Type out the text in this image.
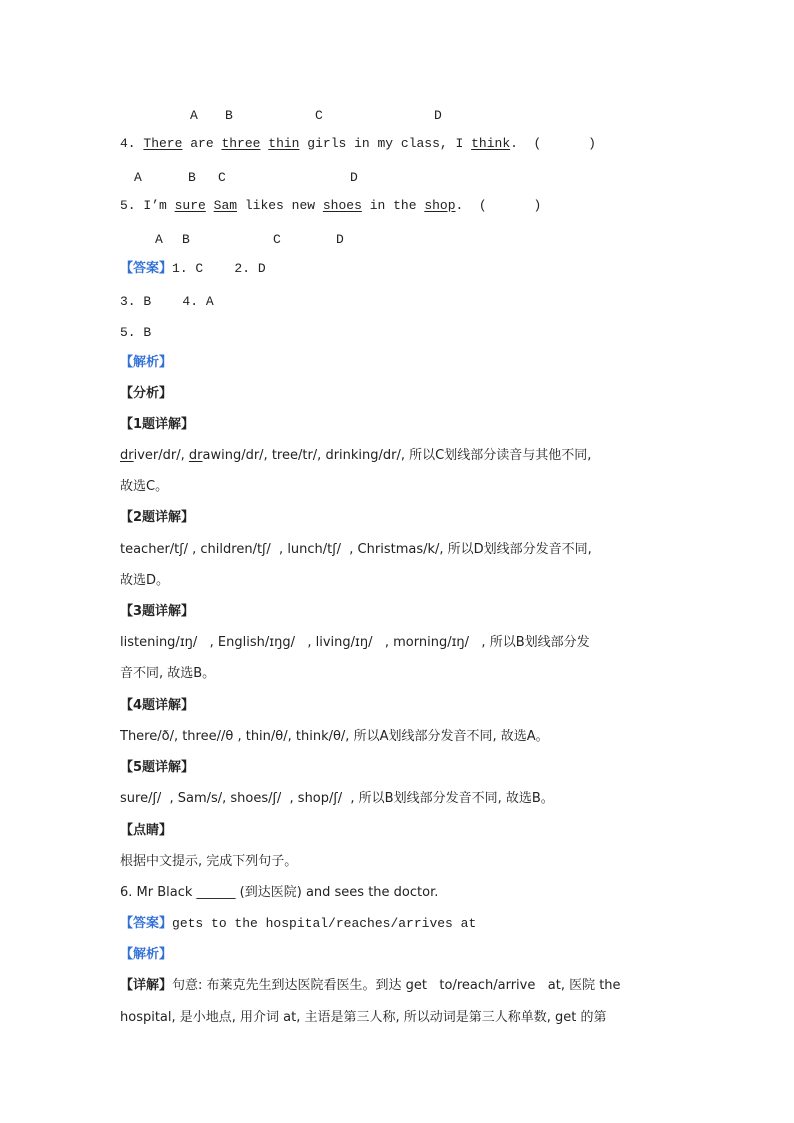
A B	C	D
4. There are three thin girls in my class, I think.  (      )
A	B C	D
5. I’m sure Sam likes new shoes in the shop.  (      )
A B	C	D
【答案】1. C    2. D
3. B    4. A
5. B
【解析】
【分析】
【1题详解】
driver/dr/, drawing/dr/, tree/tr/, drinking/dr/, 所以C划线部分读音与其他不同,
故选C。
【2题详解】
teacher/tʃ/ , children/tʃ/  , lunch/tʃ/  , Christmas/k/, 所以D划线部分发音不同,
故选D。
【3题详解】
listening/ɪŋ/   , English/ɪŋg/   , living/ɪŋ/   , morning/ɪŋ/   , 所以B划线部分发
音不同, 故选B。
【4题详解】
There/ð/, three//θ , thin/θ/, think/θ/, 所以A划线部分发音不同, 故选A。
【5题详解】
sure/ʃ/  , Sam/s/, shoes/ʃ/  , shop/ʃ/  , 所以B划线部分发音不同, 故选B。
【点睛】
根据中文提示, 完成下列句子。
6. Mr Black ______ (到达医院) and sees the doctor.
【答案】gets to the hospital/reaches/arrives at
【解析】
【详解】句意: 布莱克先生到达医院看医生。到达 get   to/reach/arrive   at, 医院 the
hospital, 是小地点, 用介词 at, 主语是第三人称, 所以动词是第三人称单数, get 的第
